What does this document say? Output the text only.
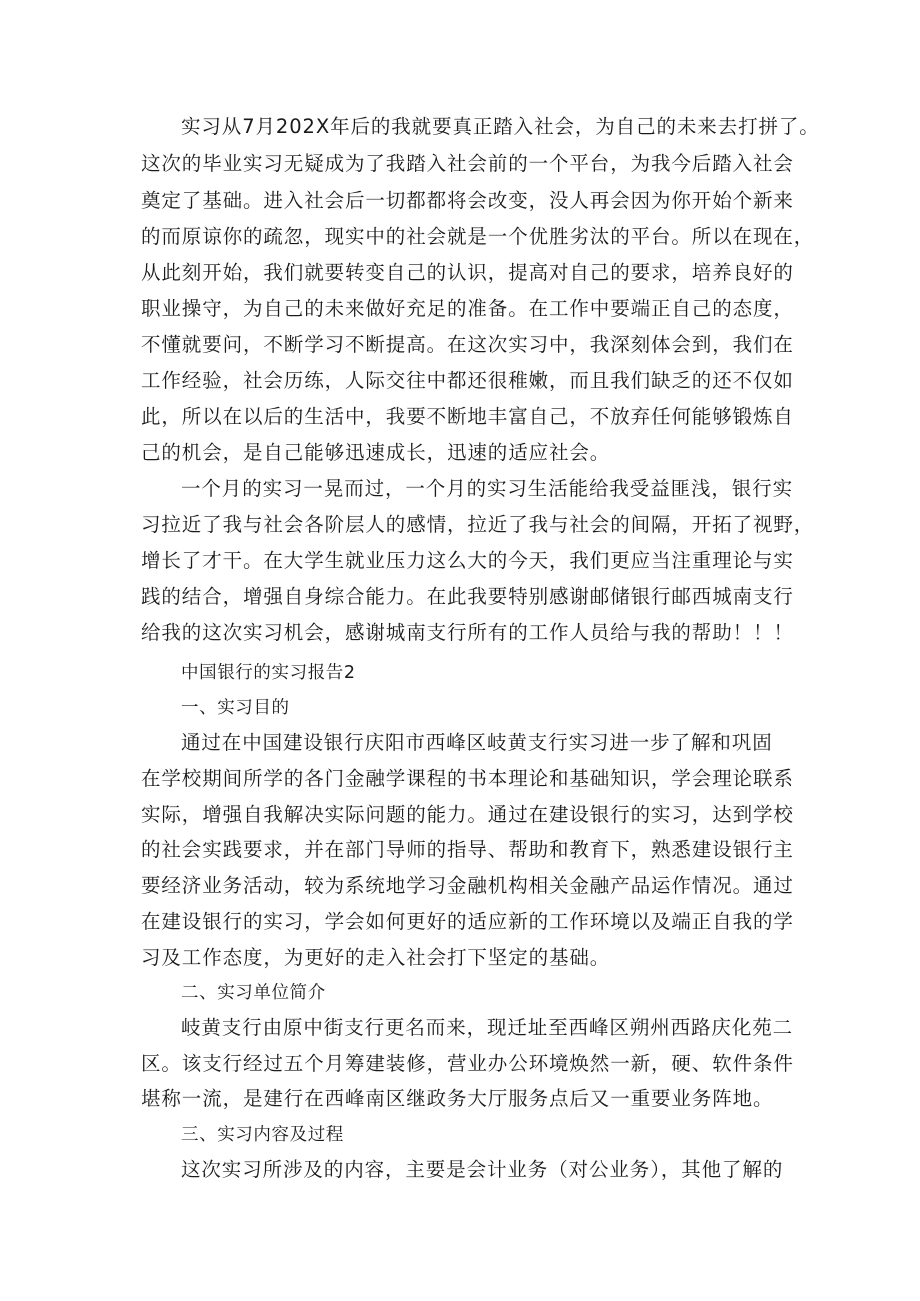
实习从7月202X年后的我就要真正踏入社会，为自己的未来去打拼了。
这次的毕业实习无疑成为了我踏入社会前的一个平台，为我今后踏入社会
奠定了基础。进入社会后一切都都将会改变，没人再会因为你开始个新来
的而原谅你的疏忽，现实中的社会就是一个优胜劣汰的平台。所以在现在，
从此刻开始，我们就要转变自己的认识，提高对自己的要求，培养良好的
职业操守，为自己的未来做好充足的准备。在工作中要端正自己的态度，
不懂就要问，不断学习不断提高。在这次实习中，我深刻体会到，我们在
工作经验，社会历练，人际交往中都还很稚嫩，而且我们缺乏的还不仅如
此，所以在以后的生活中，我要不断地丰富自己，不放弃任何能够锻炼自
己的机会，是自己能够迅速成长，迅速的适应社会。
一个月的实习一晃而过，一个月的实习生活能给我受益匪浅，银行实
习拉近了我与社会各阶层人的感情，拉近了我与社会的间隔，开拓了视野，
增长了才干。在大学生就业压力这么大的今天，我们更应当注重理论与实
践的结合，增强自身综合能力。在此我要特别感谢邮储银行邮西城南支行
给我的这次实习机会，感谢城南支行所有的工作人员给与我的帮助！！！
中国银行的实习报告2
一、实习目的
通过在中国建设银行庆阳市西峰区岐黄支行实习进一步了解和巩固
在学校期间所学的各门金融学课程的书本理论和基础知识，学会理论联系
实际，增强自我解决实际问题的能力。通过在建设银行的实习，达到学校
的社会实践要求，并在部门导师的指导、帮助和教育下，熟悉建设银行主
要经济业务活动，较为系统地学习金融机构相关金融产品运作情况。通过
在建设银行的实习，学会如何更好的适应新的工作环境以及端正自我的学
习及工作态度，为更好的走入社会打下坚定的基础。
二、实习单位简介
岐黄支行由原中街支行更名而来，现迁址至西峰区朔州西路庆化苑二
区。该支行经过五个月筹建装修，营业办公环境焕然一新，硬、软件条件
堪称一流，是建行在西峰南区继政务大厅服务点后又一重要业务阵地。
三、实习内容及过程
这次实习所涉及的内容，主要是会计业务（对公业务），其他了解的
